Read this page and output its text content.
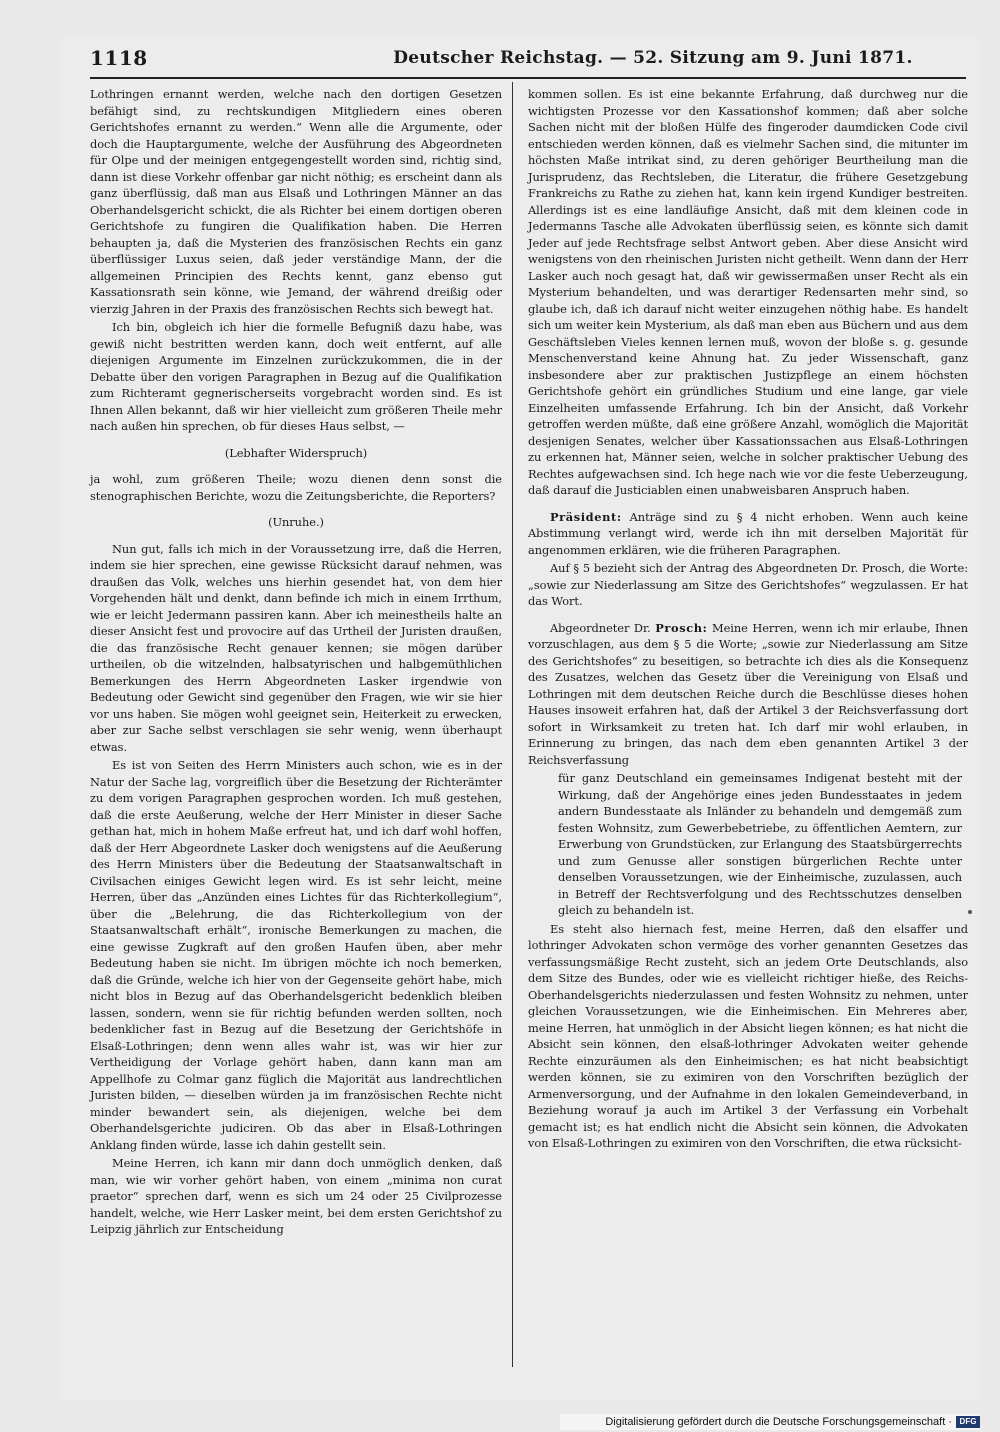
1118	Deutscher Reichstag. — 52. Sitzung am 9. Juni 1871.

Lothringen ernannt werden, welche nach den dortigen Gesetzen befähigt sind, zu rechtskundigen Mitgliedern eines oberen Gerichtshofes ernannt zu werden.“ Wenn alle die Argumente, oder doch die Hauptargumente, welche der Ausführung des Abgeordneten für Olpe und der meinigen entgegengestellt worden sind, richtig sind, dann ist diese Vorkehr offenbar gar nicht nöthig; es erscheint dann als ganz überflüssig, daß man aus Elsaß und Lothringen Männer an das Oberhandelsgericht schickt, die als Richter bei einem dortigen oberen Gerichtshofe zu fungiren die Qualifikation haben. Die Herren behaupten ja, daß die Mysterien des französischen Rechts ein ganz überflüssiger Luxus seien, daß jeder verständige Mann, der die allgemeinen Principien des Rechts kennt, ganz ebenso gut Kassationsrath sein könne, wie Jemand, der während dreißig oder vierzig Jahren in der Praxis des französischen Rechts sich bewegt hat.

Ich bin, obgleich ich hier die formelle Befugniß dazu habe, was gewiß nicht bestritten werden kann, doch weit entfernt, auf alle diejenigen Argumente im Einzelnen zurückzukommen, die in der Debatte über den vorigen Paragraphen in Bezug auf die Qualifikation zum Richteramt gegnerischerseits vorgebracht worden sind. Es ist Ihnen Allen bekannt, daß wir hier vielleicht zum größeren Theile mehr nach außen hin sprechen, ob für dieses Haus selbst, —

(Lebhafter Widerspruch)

ja wohl, zum größeren Theile; wozu dienen denn sonst die stenographischen Berichte, wozu die Zeitungsberichte, die Reporters?

(Unruhe.)

Nun gut, falls ich mich in der Voraussetzung irre, daß die Herren, indem sie hier sprechen, eine gewisse Rücksicht darauf nehmen, was draußen das Volk, welches uns hierhin gesendet hat, von dem hier Vorgehenden hält und denkt, dann befinde ich mich in einem Irrthum, wie er leicht Jedermann passiren kann. Aber ich meinestheils halte an dieser Ansicht fest und provocire auf das Urtheil der Juristen draußen, die das französische Recht genauer kennen; sie mögen darüber urtheilen, ob die witzelnden, halbsatyrischen und halbgemüthlichen Bemerkungen des Herrn Abgeordneten Lasker irgendwie von Bedeutung oder Gewicht sind gegenüber den Fragen, wie wir sie hier vor uns haben. Sie mögen wohl geeignet sein, Heiterkeit zu erwecken, aber zur Sache selbst verschlagen sie sehr wenig, wenn überhaupt etwas.

Es ist von Seiten des Herrn Ministers auch schon, wie es in der Natur der Sache lag, vorgreiflich über die Besetzung der Richterämter zu dem vorigen Paragraphen gesprochen worden. Ich muß gestehen, daß die erste Aeußerung, welche der Herr Minister in dieser Sache gethan hat, mich in hohem Maße erfreut hat, und ich darf wohl hoffen, daß der Herr Abgeordnete Lasker doch wenigstens auf die Aeußerung des Herrn Ministers über die Bedeutung der Staatsanwaltschaft in Civilsachen einiges Gewicht legen wird. Es ist sehr leicht, meine Herren, über das „Anzünden eines Lichtes für das Richterkollegium“, über die „Belehrung, die das Richterkollegium von der Staatsanwaltschaft erhält“, ironische Bemerkungen zu machen, die eine gewisse Zugkraft auf den großen Haufen üben, aber mehr Bedeutung haben sie nicht. Im übrigen möchte ich noch bemerken, daß die Gründe, welche ich hier von der Gegenseite gehört habe, mich nicht blos in Bezug auf das Oberhandelsgericht bedenklich bleiben lassen, sondern, wenn sie für richtig befunden werden sollten, noch bedenklicher fast in Bezug auf die Besetzung der Gerichtshöfe in Elsaß-Lothringen; denn wenn alles wahr ist, was wir hier zur Vertheidigung der Vorlage gehört haben, dann kann man am Appellhofe zu Colmar ganz füglich die Majorität aus landrechtlichen Juristen bilden, — dieselben würden ja im französischen Rechte nicht minder bewandert sein, als diejenigen, welche bei dem Oberhandelsgerichte judiciren. Ob das aber in Elsaß-Lothringen Anklang finden würde, lasse ich dahin gestellt sein.

Meine Herren, ich kann mir dann doch unmöglich denken, daß man, wie wir vorher gehört haben, von einem „minima non curat praetor“ sprechen darf, wenn es sich um 24 oder 25 Civilprozesse handelt, welche, wie Herr Lasker meint, bei dem ersten Gerichtshof zu Leipzig jährlich zur Entscheidung

kommen sollen. Es ist eine bekannte Erfahrung, daß durchweg nur die wichtigsten Prozesse vor den Kassationshof kommen; daß aber solche Sachen nicht mit der bloßen Hülfe des fingeroder daumdicken Code civil entschieden werden können, daß es vielmehr Sachen sind, die mitunter im höchsten Maße intrikat sind, zu deren gehöriger Beurtheilung man die Jurisprudenz, das Rechtsleben, die Literatur, die frühere Gesetzgebung Frankreichs zu Rathe zu ziehen hat, kann kein irgend Kundiger bestreiten. Allerdings ist es eine landläufige Ansicht, daß mit dem kleinen code in Jedermanns Tasche alle Advokaten überflüssig seien, es könnte sich damit Jeder auf jede Rechtsfrage selbst Antwort geben. Aber diese Ansicht wird wenigstens von den rheinischen Juristen nicht getheilt. Wenn dann der Herr Lasker auch noch gesagt hat, daß wir gewissermaßen unser Recht als ein Mysterium behandelten, und was derartiger Redensarten mehr sind, so glaube ich, daß ich darauf nicht weiter einzugehen nöthig habe. Es handelt sich um weiter kein Mysterium, als daß man eben aus Büchern und aus dem Geschäftsleben Vieles kennen lernen muß, wovon der bloße s. g. gesunde Menschenverstand keine Ahnung hat. Zu jeder Wissenschaft, ganz insbesondere aber zur praktischen Justizpflege an einem höchsten Gerichtshofe gehört ein gründliches Studium und eine lange, gar viele Einzelheiten umfassende Erfahrung. Ich bin der Ansicht, daß Vorkehr getroffen werden müßte, daß eine größere Anzahl, womöglich die Majorität desjenigen Senates, welcher über Kassationssachen aus Elsaß-Lothringen zu erkennen hat, Männer seien, welche in solcher praktischer Uebung des Rechtes aufgewachsen sind. Ich hege nach wie vor die feste Ueberzeugung, daß darauf die Justiciablen einen unabweisbaren Anspruch haben.

Präsident: Anträge sind zu § 4 nicht erhoben. Wenn auch keine Abstimmung verlangt wird, werde ich ihn mit derselben Majorität für angenommen erklären, wie die früheren Paragraphen.

Auf § 5 bezieht sich der Antrag des Abgeordneten Dr. Prosch, die Worte: „sowie zur Niederlassung am Sitze des Gerichtshofes“ wegzulassen. Er hat das Wort.

Abgeordneter Dr. Prosch: Meine Herren, wenn ich mir erlaube, Ihnen vorzuschlagen, aus dem § 5 die Worte; „sowie zur Niederlassung am Sitze des Gerichtshofes“ zu beseitigen, so betrachte ich dies als die Konsequenz des Zusatzes, welchen das Gesetz über die Vereinigung von Elsaß und Lothringen mit dem deutschen Reiche durch die Beschlüsse dieses hohen Hauses insoweit erfahren hat, daß der Artikel 3 der Reichsverfassung dort sofort in Wirksamkeit zu treten hat. Ich darf mir wohl erlauben, in Erinnerung zu bringen, das nach dem eben genannten Artikel 3 der Reichsverfassung

für ganz Deutschland ein gemeinsames Indigenat besteht mit der Wirkung, daß der Angehörige eines jeden Bundesstaates in jedem andern Bundesstaate als Inländer zu behandeln und demgemäß zum festen Wohnsitz, zum Gewerbebetriebe, zu öffentlichen Aemtern, zur Erwerbung von Grundstücken, zur Erlangung des Staatsbürgerrechts und zum Genusse aller sonstigen bürgerlichen Rechte unter denselben Voraussetzungen, wie der Einheimische, zuzulassen, auch in Betreff der Rechtsverfolgung und des Rechtsschutzes denselben gleich zu behandeln ist.

Es steht also hiernach fest, meine Herren, daß den elsaffer und lothringer Advokaten schon vermöge des vorher genannten Gesetzes das verfassungsmäßige Recht zusteht, sich an jedem Orte Deutschlands, also dem Sitze des Bundes, oder wie es vielleicht richtiger hieße, des Reichs-Oberhandelsgerichts niederzulassen und festen Wohnsitz zu nehmen, unter gleichen Voraussetzungen, wie die Einheimischen. Ein Mehreres aber, meine Herren, hat unmöglich in der Absicht liegen können; es hat nicht die Absicht sein können, den elsaß-lothringer Advokaten weiter gehende Rechte einzuräumen als den Einheimischen; es hat nicht beabsichtigt werden können, sie zu eximiren von den Vorschriften bezüglich der Armenversorgung, und der Aufnahme in den lokalen Gemeindeverband, in Beziehung worauf ja auch im Artikel 3 der Verfassung ein Vorbehalt gemacht ist; es hat endlich nicht die Absicht sein können, die Advokaten von Elsaß-Lothringen zu eximiren von den Vorschriften, die etwa rücksicht-

Digitalisierung gefördert durch die Deutsche Forschungsgemeinschaft · DFG
